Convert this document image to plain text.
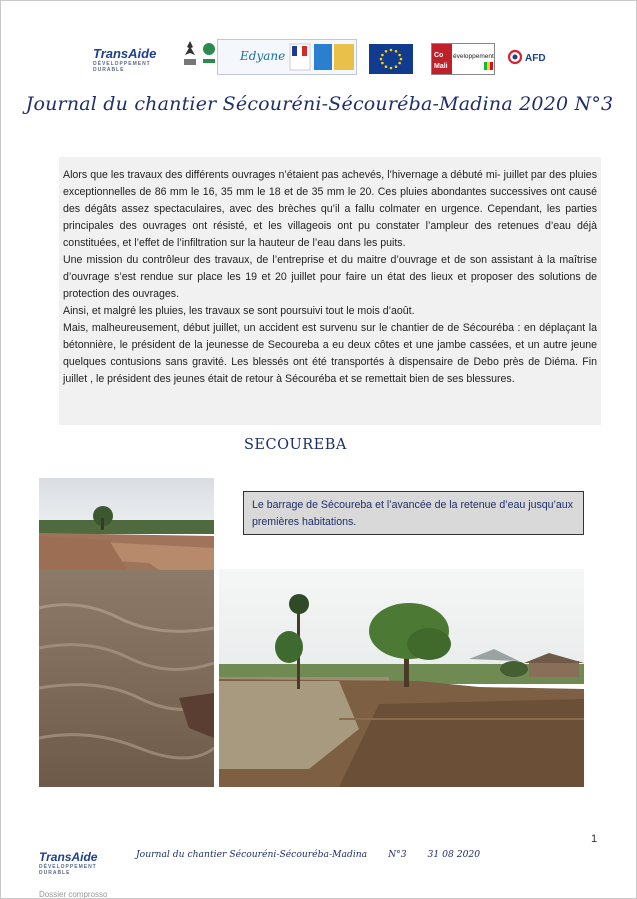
TransAide
DÉVELOPPEMENT DURABLE
Edyane	Co
Mali
éveloppement	AFD
Journal du chantier Sécouréni-Sécouréba-Madina 2020 N°3

Alors que les travaux des différents ouvrages n’étaient pas achevés, l’hivernage a débuté mi- juillet par des pluies exceptionnelles de 86 mm le 16, 35 mm le 18 et de 35 mm le 20. Ces pluies abondantes successives ont causé des dégâts assez spectaculaires, avec des brèches qu’il a fallu colmater en urgence. Cependant, les parties principales des ouvrages ont résisté, et les villageois ont pu constater l’ampleur des retenues d’eau déjà constituées, et l’effet de l’infiltration sur la hauteur de l’eau dans les puits.

Une mission du contrôleur des travaux, de l’entreprise et du maitre d’ouvrage et de son assistant à la maîtrise d’ouvrage s’est rendue sur place les 19 et 20 juillet pour faire un état des lieux et proposer des solutions de protection des ouvrages.

Ainsi, et malgré les pluies, les travaux se sont poursuivi tout le mois d’août.

Mais, malheureusement, début juillet, un accident est survenu sur le chantier de de Sécouréba : en déplaçant la bétonnière, le président de la jeunesse de Secoureba a eu deux côtes et une jambe cassées, et un autre jeune quelques contusions sans gravité. Les blessés ont été transportés à dispensaire de Debo près de Diéma. Fin juillet , le président des jeunes était de retour à Sécouréba et se remettait bien de ses blessures.

SECOUREBA
Le barrage de Sécoureba et l’avancée de la retenue d’eau jusqu’aux premières habitations.
1
TransAide
DÉVELOPPEMENT DURABLE
Journal du chantier Sécouréni-Sécouréba-Madina N°3 31 08 2020
Dossier comprosso
